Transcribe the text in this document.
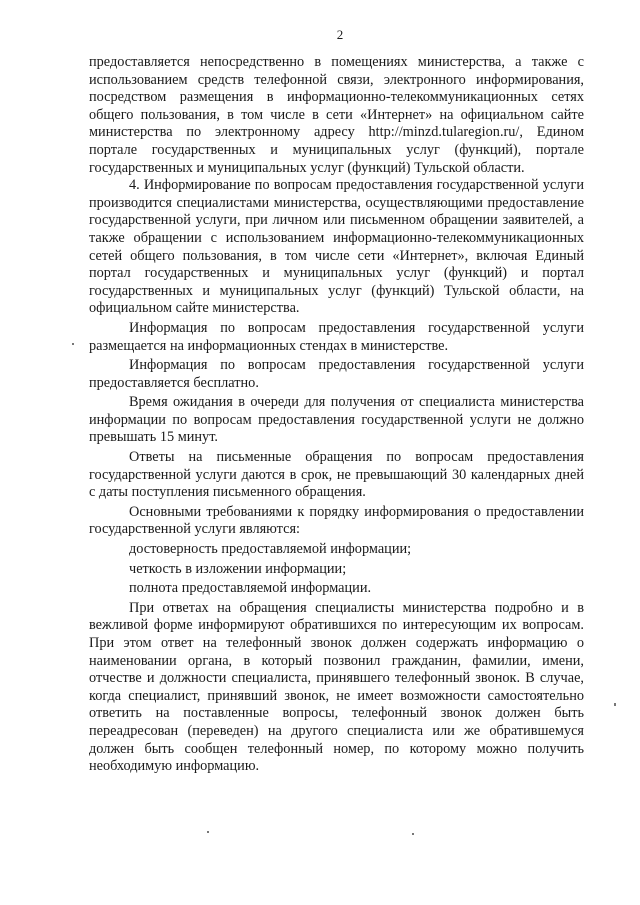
2

предоставляется непосредственно в помещениях министерства, а также с использованием средств телефонной связи, электронного информирования, посредством размещения в информационно-телекоммуникационных сетях общего пользования, в том числе в сети «Интернет» на официальном сайте министерства по электронному адресу http://minzd.tularegion.ru/, Едином портале государственных и муниципальных услуг (функций), портале государственных и муниципальных услуг (функций) Тульской области.

4. Информирование по вопросам предоставления государственной услуги производится специалистами министерства, осуществляющими предоставление государственной услуги, при личном или письменном обращении заявителей, а также обращении с использованием информационно-телекоммуникационных сетей общего пользования, в том числе сети «Интернет», включая Единый портал государственных и муниципальных услуг (функций) и портал государственных и муниципальных услуг (функций) Тульской области, на официальном сайте министерства.

Информация по вопросам предоставления государственной услуги размещается на информационных стендах в министерстве.

Информация по вопросам предоставления государственной услуги предоставляется бесплатно.

Время ожидания в очереди для получения от специалиста министерства информации по вопросам предоставления государственной услуги не должно превышать 15 минут.

Ответы на письменные обращения по вопросам предоставления государственной услуги даются в срок, не превышающий 30 календарных дней с даты поступления письменного обращения.

Основными требованиями к порядку информирования о предоставлении государственной услуги являются:

достоверность предоставляемой информации;

четкость в изложении информации;

полнота предоставляемой информации.

При ответах на обращения специалисты министерства подробно и в вежливой форме информируют обратившихся по интересующим их вопросам. При этом ответ на телефонный звонок должен содержать информацию о наименовании органа, в который позвонил гражданин, фамилии, имени, отчестве и должности специалиста, принявшего телефонный звонок. В случае, когда специалист, принявший звонок, не имеет возможности самостоятельно ответить на поставленные вопросы, телефонный звонок должен быть переадресован (переведен) на другого специалиста или же обратившемуся должен быть сообщен телефонный номер, по которому можно получить необходимую информацию.
